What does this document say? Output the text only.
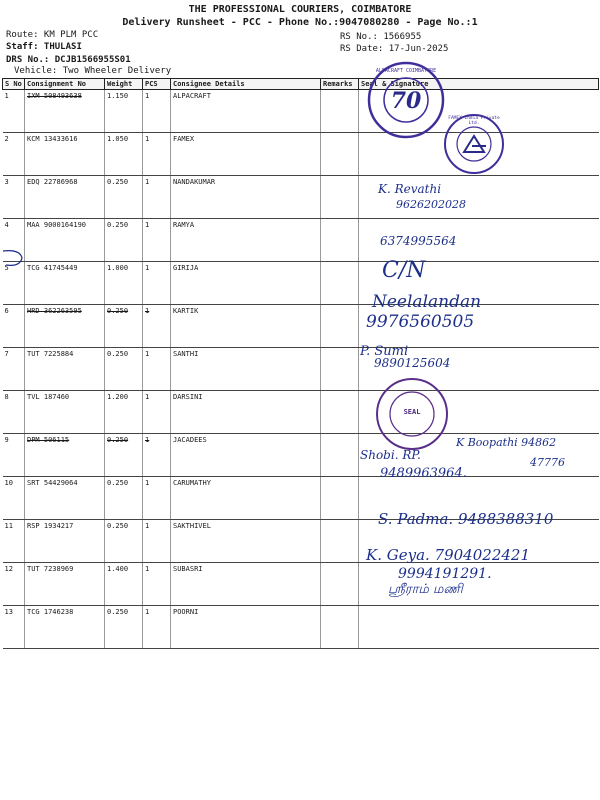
THE PROFESSIONAL COURIERS, COIMBATORE
Delivery Runsheet - PCC - Phone No.:9047080280 - Page No.:1
Route: KM PLM PCC
Staff: THULASI
DRS No.: DCJB1566955S01
Vehicle: Two Wheeler Delivery
RS No.: 1566955
RS Date: 17-Jun-2025
S No	Consignment No	Weight	PCS	Consignee Details	Remarks	Seal & Signature
1	IXM 508493638	1.150	1	ALPACRAFT		
2	KCM 13433616	1.050	1	FAMEX		
3	EDQ 22786968	0.250	1	NANDAKUMAR		
4	MAA 9000164190	0.250	1	RAMYA		
5	TCG 41745449	1.000	1	GIRIJA		
6	HRD 362263595	0.250	1	KARTIK		
7	TUT 7225884	0.250	1	SANTHI		
8	TVL 187460	1.200	1	DARSINI		
9	DPM 506115	0.250	1	JACADEES		
10	SRT 54429064	0.250	1	CARUMATHY		
11	RSP 1934217	0.250	1	SAKTHIVEL		
12	TUT 7238969	1.400	1	SUBASRI		
13	TCG 1746238	0.250	1	POORNI		
70
ALPACRAFT COIMBATORE
FAMEX India Private Ltd.
SEAL
K. Revathi
9626202028
6374995564
C/N
Neelalandan
9976560505
P. Sumi
9890125604
K Boopathi 94862
47776
Shobi. RP.
9489963964.
S. Padma. 9488388310
K. Geya. 7904022421
9994191291.
ஸ்ரீராம் மணி
